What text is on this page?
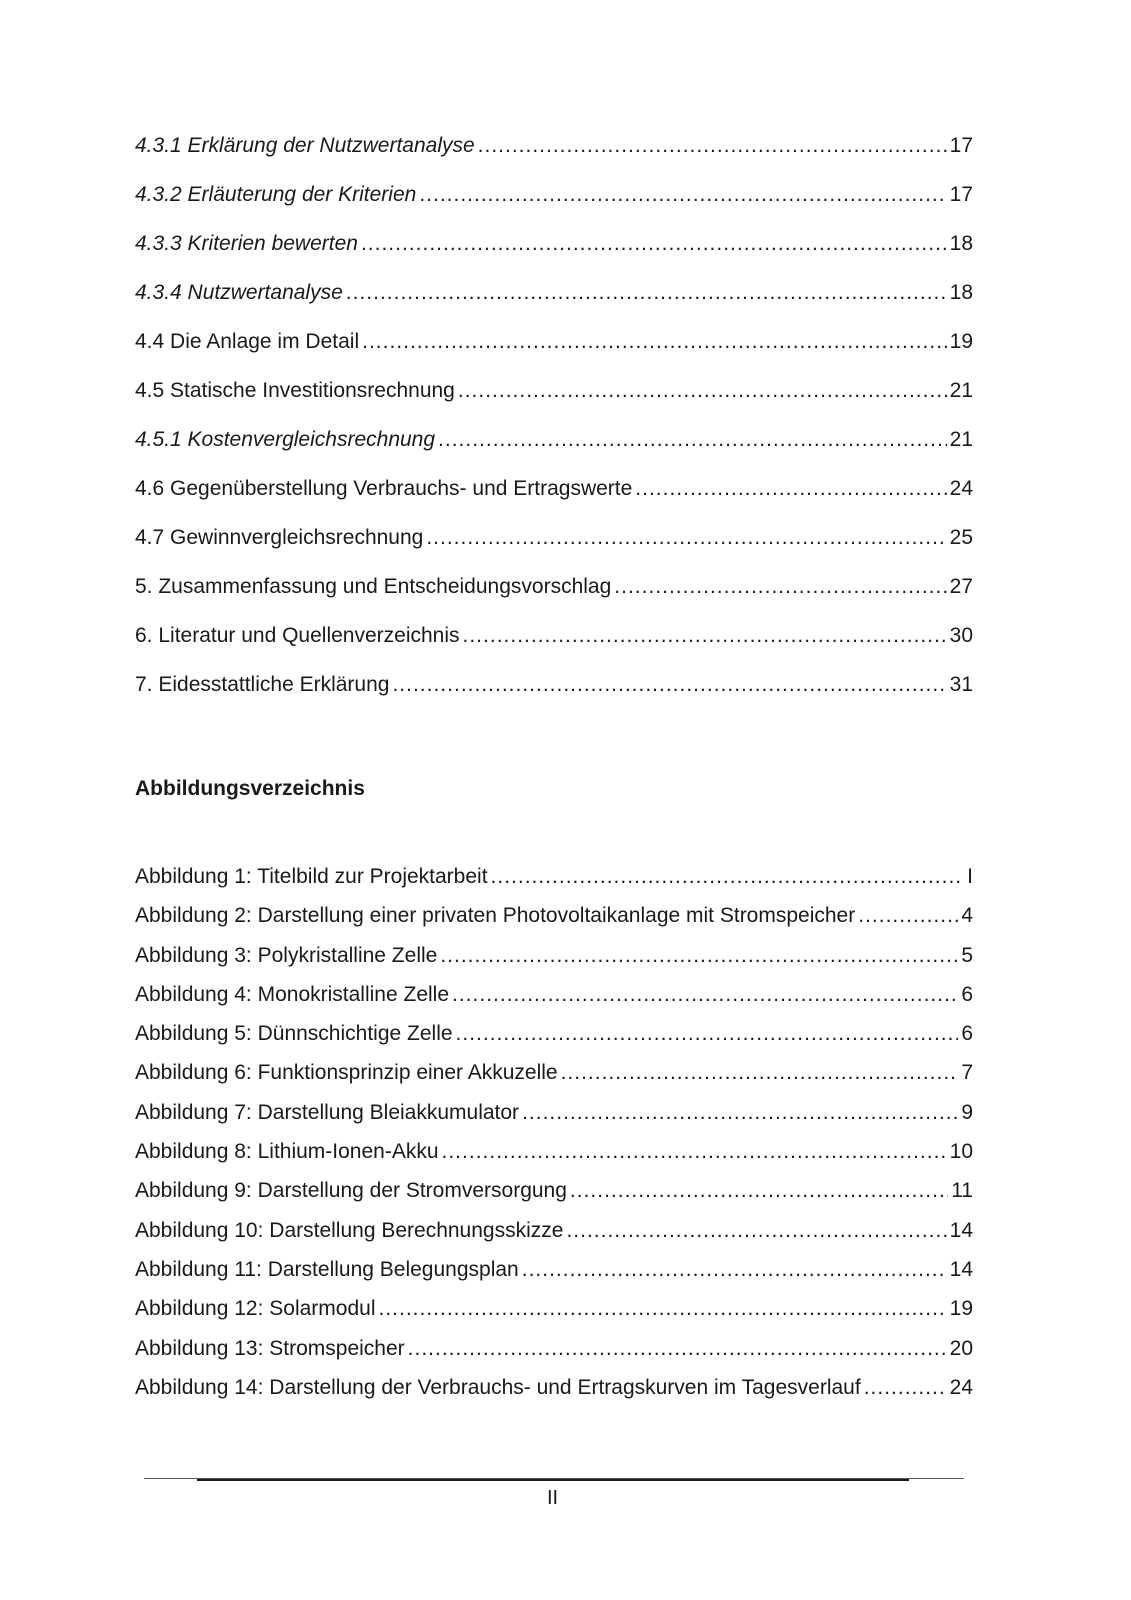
4.3.1 Erklärung der Nutzwertanalyse .....	17
4.3.2 Erläuterung der Kriterien .....	17
4.3.3 Kriterien bewerten .....	18
4.3.4 Nutzwertanalyse .....	18
4.4 Die Anlage im Detail .....	19
4.5 Statische Investitionsrechnung .....	21
4.5.1 Kostenvergleichsrechnung .....	21
4.6 Gegenüberstellung Verbrauchs- und Ertragswerte .....	24
4.7 Gewinnvergleichsrechnung .....	25
5. Zusammenfassung und Entscheidungsvorschlag .....	27
6. Literatur und Quellenverzeichnis .....	30
7. Eidesstattliche Erklärung .....	31
Abbildungsverzeichnis
Abbildung 1: Titelbild zur Projektarbeit .....	I
Abbildung 2: Darstellung einer privaten Photovoltaikanlage mit Stromspeicher .....	4
Abbildung 3: Polykristalline Zelle .....	5
Abbildung 4: Monokristalline Zelle .....	6
Abbildung 5: Dünnschichtige Zelle .....	6
Abbildung 6: Funktionsprinzip einer Akkuzelle .....	7
Abbildung 7: Darstellung Bleiakkumulator .....	9
Abbildung 8: Lithium-Ionen-Akku .....	10
Abbildung 9: Darstellung der Stromversorgung .....	11
Abbildung 10: Darstellung Berechnungsskizze .....	14
Abbildung 11: Darstellung Belegungsplan .....	14
Abbildung 12: Solarmodul .....	19
Abbildung 13: Stromspeicher .....	20
Abbildung 14: Darstellung der Verbrauchs- und Ertragskurven im Tagesverlauf .....	24
II
